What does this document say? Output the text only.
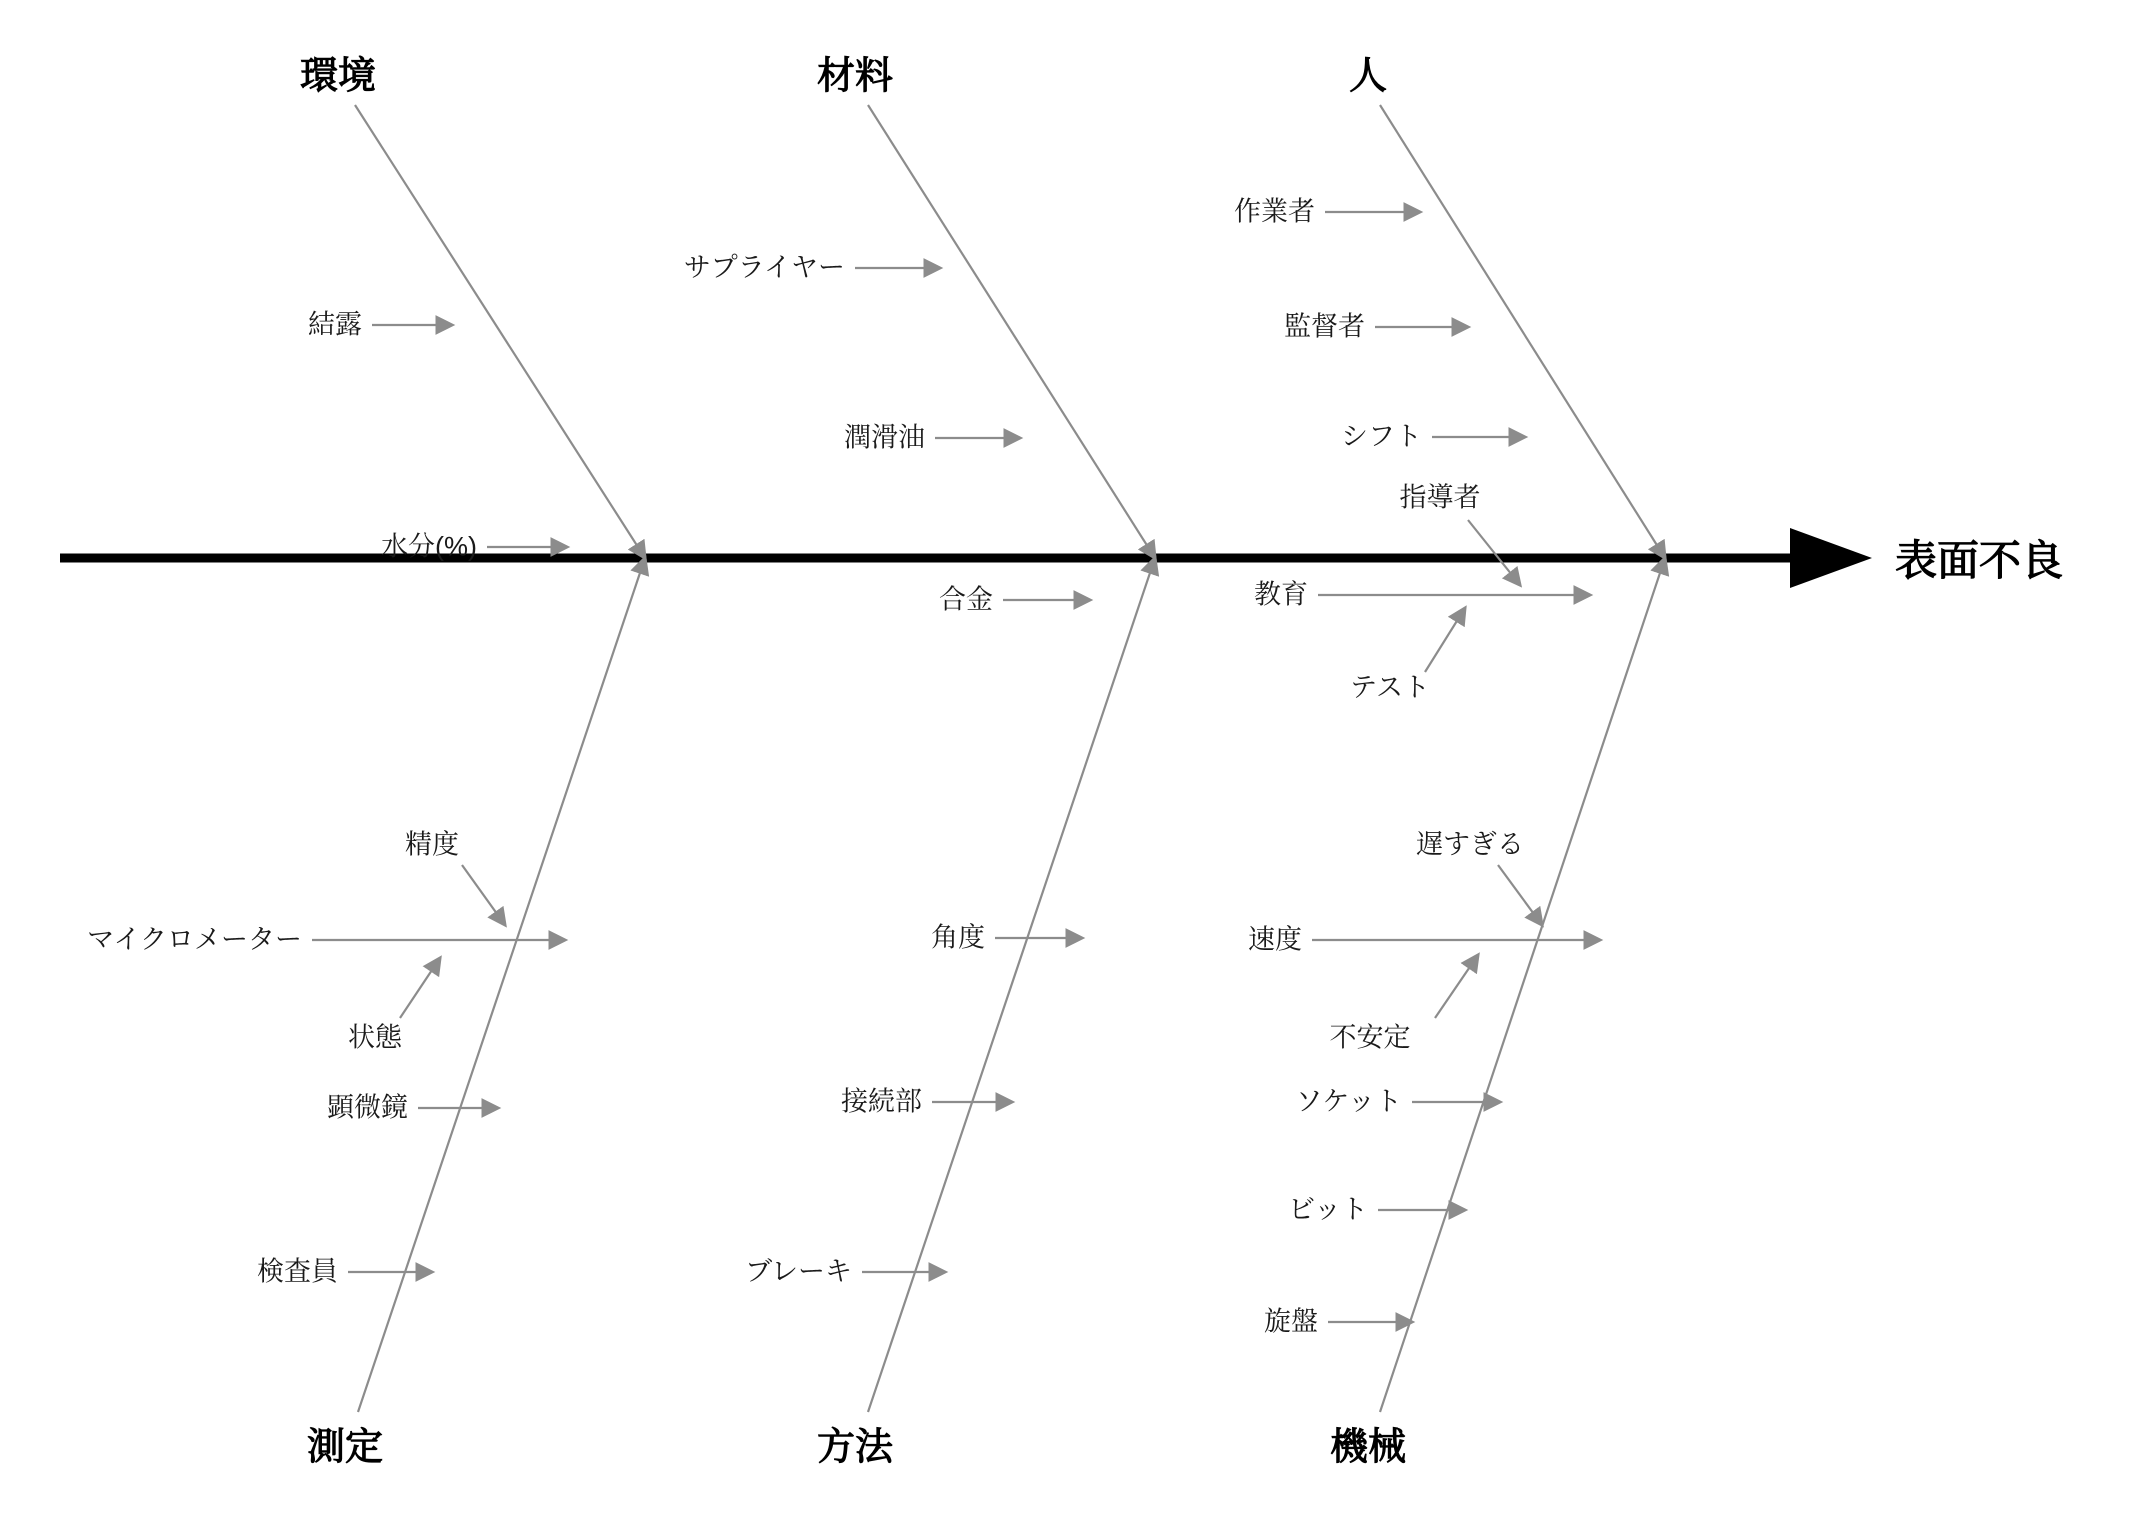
表面不良
環境	材料	人
測定	方法	機械
結露
水分(%)
サプライヤー
潤滑油
合金
作業者
監督者
シフト
教育
指導者
テスト
精度
マイクロメーター
状態
顕微鏡
検査員
角度
接続部
ブレーキ
遅すぎる
速度
不安定
ソケット
ビット
旋盤
